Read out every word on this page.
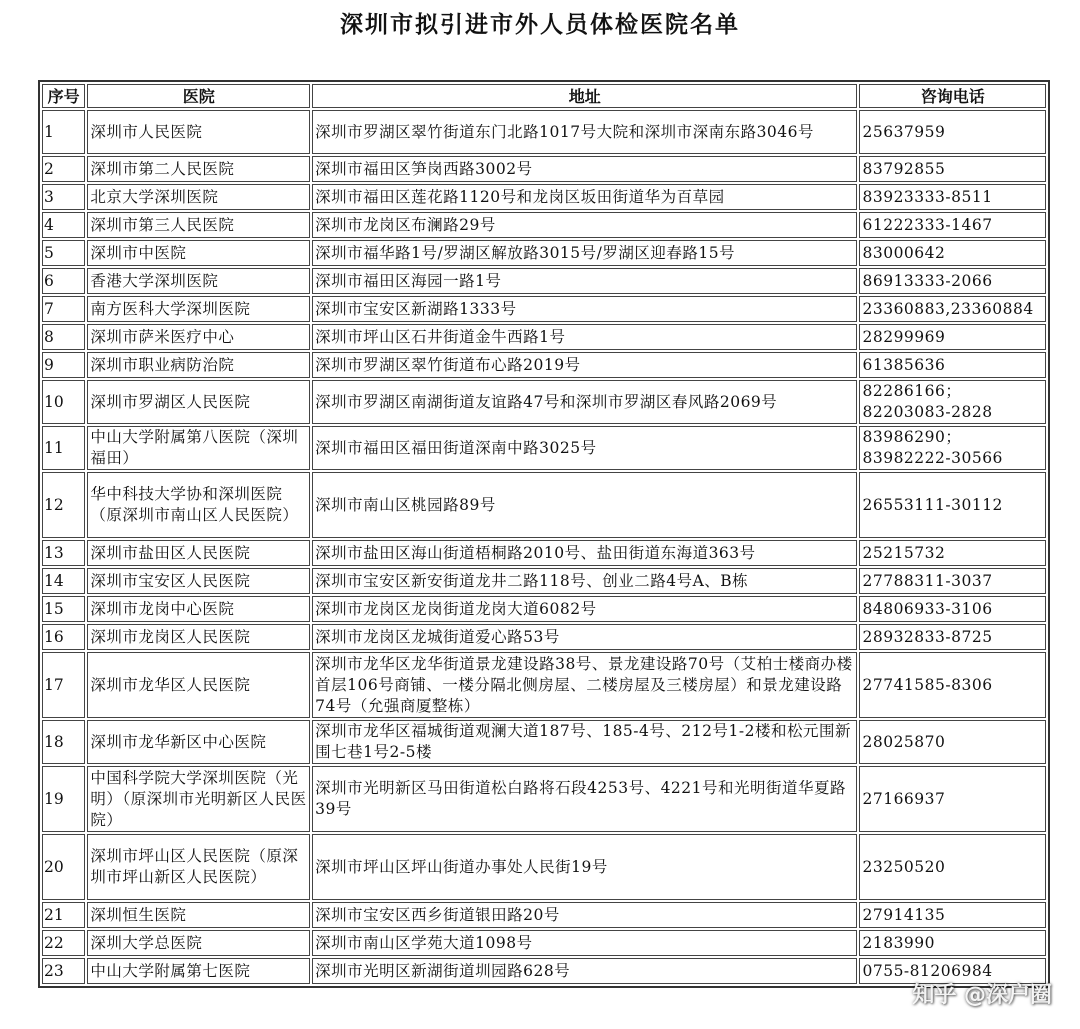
深圳市拟引进市外人员体检医院名单
序号	医院	地址	咨询电话
1	深圳市人民医院	深圳市罗湖区翠竹街道东门北路1017号大院和深圳市深南东路3046号	25637959
2	深圳市第二人民医院	深圳市福田区笋岗西路3002号	83792855
3	北京大学深圳医院	深圳市福田区莲花路1120号和龙岗区坂田街道华为百草园	83923333-8511
4	深圳市第三人民医院	深圳市龙岗区布澜路29号	61222333-1467
5	深圳市中医院	深圳市福华路1号/罗湖区解放路3015号/罗湖区迎春路15号	83000642
6	香港大学深圳医院	深圳市福田区海园一路1号	86913333-2066
7	南方医科大学深圳医院	深圳市宝安区新湖路1333号	23360883,23360884
8	深圳市萨米医疗中心	深圳市坪山区石井街道金牛西路1号	28299969
9	深圳市职业病防治院	深圳市罗湖区翠竹街道布心路2019号	61385636
10	深圳市罗湖区人民医院	深圳市罗湖区南湖街道友谊路47号和深圳市罗湖区春风路2069号	82286166；82203083-2828
11	中山大学附属第八医院（深圳福田）	深圳市福田区福田街道深南中路3025号	83986290；83982222-30566
12	华中科技大学协和深圳医院（原深圳市南山区人民医院）	深圳市南山区桃园路89号	26553111-30112
13	深圳市盐田区人民医院	深圳市盐田区海山街道梧桐路2010号、盐田街道东海道363号	25215732
14	深圳市宝安区人民医院	深圳市宝安区新安街道龙井二路118号、创业二路4号A、B栋	27788311-3037
15	深圳市龙岗中心医院	深圳市龙岗区龙岗街道龙岗大道6082号	84806933-3106
16	深圳市龙岗区人民医院	深圳市龙岗区龙城街道爱心路53号	28932833-8725
17	深圳市龙华区人民医院	深圳市龙华区龙华街道景龙建设路38号、景龙建设路70号（艾柏士楼商办楼首层106号商铺、一楼分隔北侧房屋、二楼房屋及三楼房屋）和景龙建设路74号（允强商厦整栋）	27741585-8306
18	深圳市龙华新区中心医院	深圳市龙华区福城街道观澜大道187号、185-4号、212号1-2楼和松元围新围七巷1号2-5楼	28025870
19	中国科学院大学深圳医院（光明）（原深圳市光明新区人民医院）	深圳市光明新区马田街道松白路将石段4253号、4221号和光明街道华夏路39号	27166937
20	深圳市坪山区人民医院（原深圳市坪山新区人民医院）	深圳市坪山区坪山街道办事处人民街19号	23250520
21	深圳恒生医院	深圳市宝安区西乡街道银田路20号	27914135
22	深圳大学总医院	深圳市南山区学苑大道1098号	2183990
23	中山大学附属第七医院	深圳市光明区新湖街道圳园路628号	0755-81206984
知乎 @深户圈
